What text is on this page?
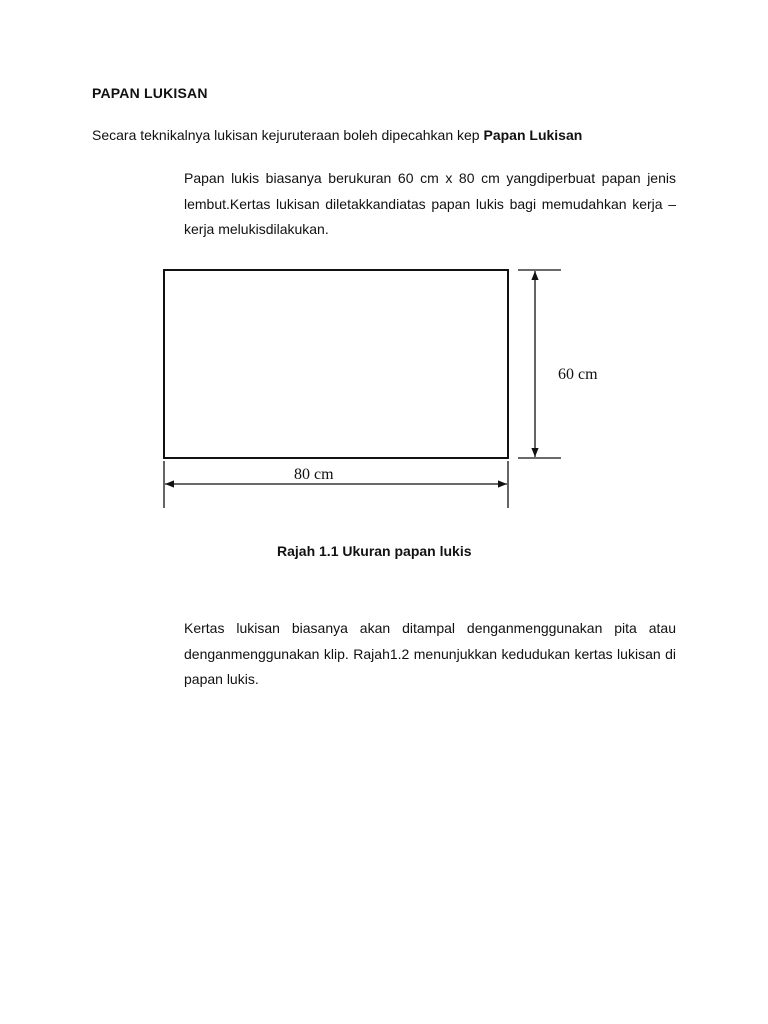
PAPAN LUKISAN
Secara teknikalnya lukisan kejuruteraan boleh dipecahkan kep Papan Lukisan
Papan lukis biasanya berukuran 60 cm x 80 cm yangdiperbuat papan jenis lembut.Kertas lukisan diletakkandiatas papan lukis bagi memudahkan kerja – kerja melukisdilakukan.
60 cm
80 cm
Rajah 1.1 Ukuran papan lukis
Kertas lukisan biasanya akan ditampal denganmenggunakan pita atau denganmenggunakan klip. Rajah1.2 menunjukkan kedudukan kertas lukisan di papan lukis.
